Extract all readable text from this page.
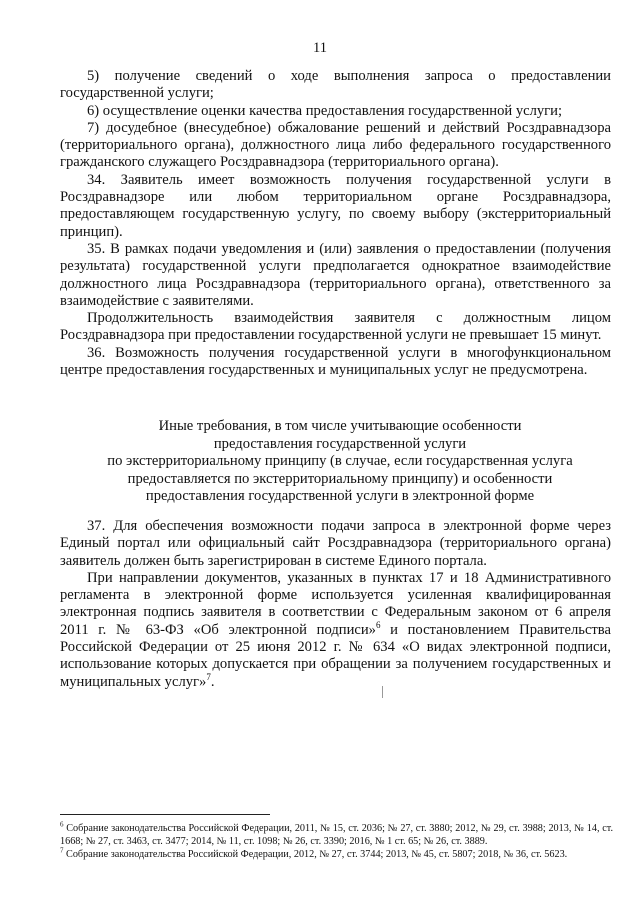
11

5) получение сведений о ходе выполнения запроса о предоставлении государственной услуги;

6) осуществление оценки качества предоставления государственной услуги;

7) досудебное (внесудебное) обжалование решений и действий Росздравнадзора (территориального органа), должностного лица либо федерального государственного гражданского служащего Росздравнадзора (территориального органа).

34. Заявитель имеет возможность получения государственной услуги в Росздравнадзоре или любом территориальном органе Росздравнадзора, предоставляющем государственную услугу, по своему выбору (экстерриториальный принцип).

35. В рамках подачи уведомления и (или) заявления о предоставлении (получения результата) государственной услуги предполагается однократное взаимодействие должностного лица Росздравнадзора (территориального органа), ответственного за взаимодействие с заявителями.

Продолжительность взаимодействия заявителя с должностным лицом Росздравнадзора при предоставлении государственной услуги не превышает 15 минут.

36. Возможность получения государственной услуги в многофункциональном центре предоставления государственных и муниципальных услуг не предусмотрена.

Иные требования, в том числе учитывающие особенности
предоставления государственной услуги
по экстерриториальному принципу (в случае, если государственная услуга
предоставляется по экстерриториальному принципу) и особенности
предоставления государственной услуги в электронной форме

37. Для обеспечения возможности подачи запроса в электронной форме через Единый портал или официальный сайт Росздравнадзора (территориального органа) заявитель должен быть зарегистрирован в системе Единого портала.

При направлении документов, указанных в пунктах 17 и 18 Административного регламента в электронной форме используется усиленная квалифицированная электронная подпись заявителя в соответствии с Федеральным законом от 6 апреля 2011 г. № 63-ФЗ «Об электронной подписи»$^6$ и постановлением Правительства Российской Федерации от 25 июня 2012 г. № 634 «О видах электронной подписи, использование которых допускается при обращении за получением государственных и муниципальных услуг»$^7$.

$^6$ Собрание законодательства Российской Федерации, 2011, № 15, ст. 2036; № 27, ст. 3880; 2012, № 29, ст. 3988; 2013, № 14, ст. 1668; № 27, ст. 3463, ст. 3477; 2014, № 11, ст. 1098; № 26, ст. 3390; 2016, № 1 ст. 65; № 26, ст. 3889.

$^7$ Собрание законодательства Российской Федерации, 2012, № 27, ст. 3744; 2013, № 45, ст. 5807; 2018, № 36, ст. 5623.
